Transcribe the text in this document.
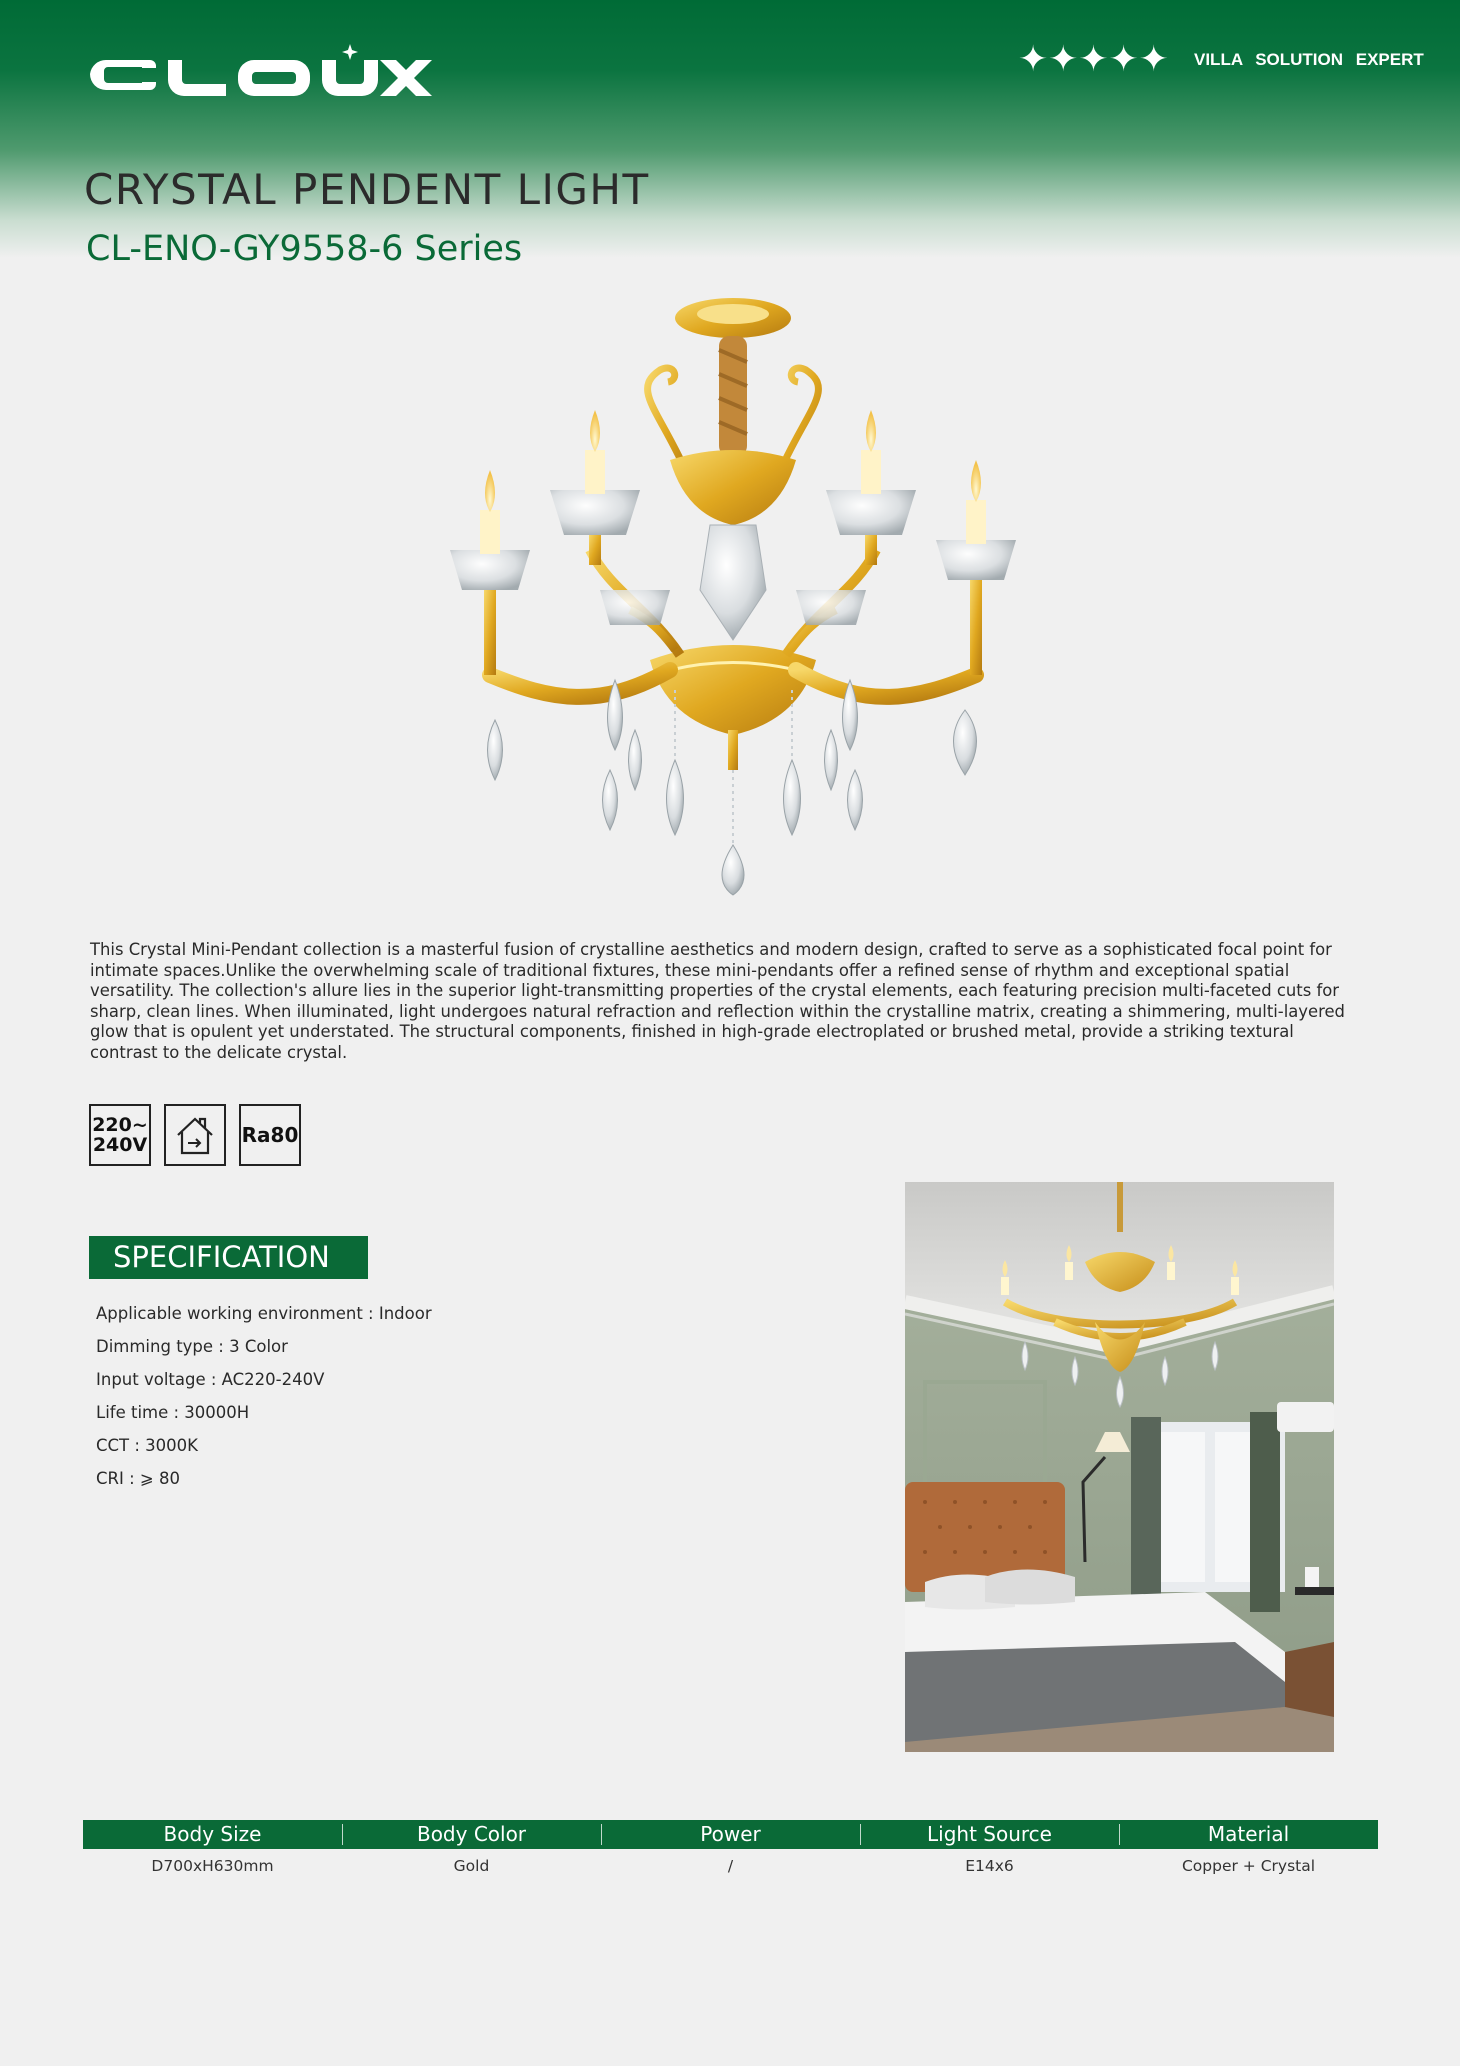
✦✦✦✦✦ VILLA SOLUTION EXPERT
CRYSTAL PENDENT LIGHT
CL-ENO-GY9558-6 Series

This Crystal Mini-Pendant collection is a masterful fusion of crystalline aesthetics and modern design, crafted to serve as a sophisticated focal point for intimate spaces.Unlike the overwhelming scale of traditional fixtures, these mini-pendants offer a refined sense of rhythm and exceptional spatial versatility. The collection's allure lies in the superior light-transmitting properties of the crystal elements, each featuring precision multi-faceted cuts for sharp, clean lines. When illuminated, light undergoes natural refraction and reflection within the crystalline matrix, creating a shimmering, multi-layered glow that is opulent yet understated. The structural components, finished in high-grade electroplated or brushed metal, provide a striking textural contrast to the delicate crystal.

220~
240V	Ra80
SPECIFICATION
Applicable working environment : Indoor
Dimming type : 3 Color
Input voltage : AC220-240V
Life time : 30000H
CCT : 3000K
CRI : ⩾ 80
Body Size	Body Color	Power	Light Source	Material
D700xH630mm	Gold	/	E14x6	Copper + Crystal
